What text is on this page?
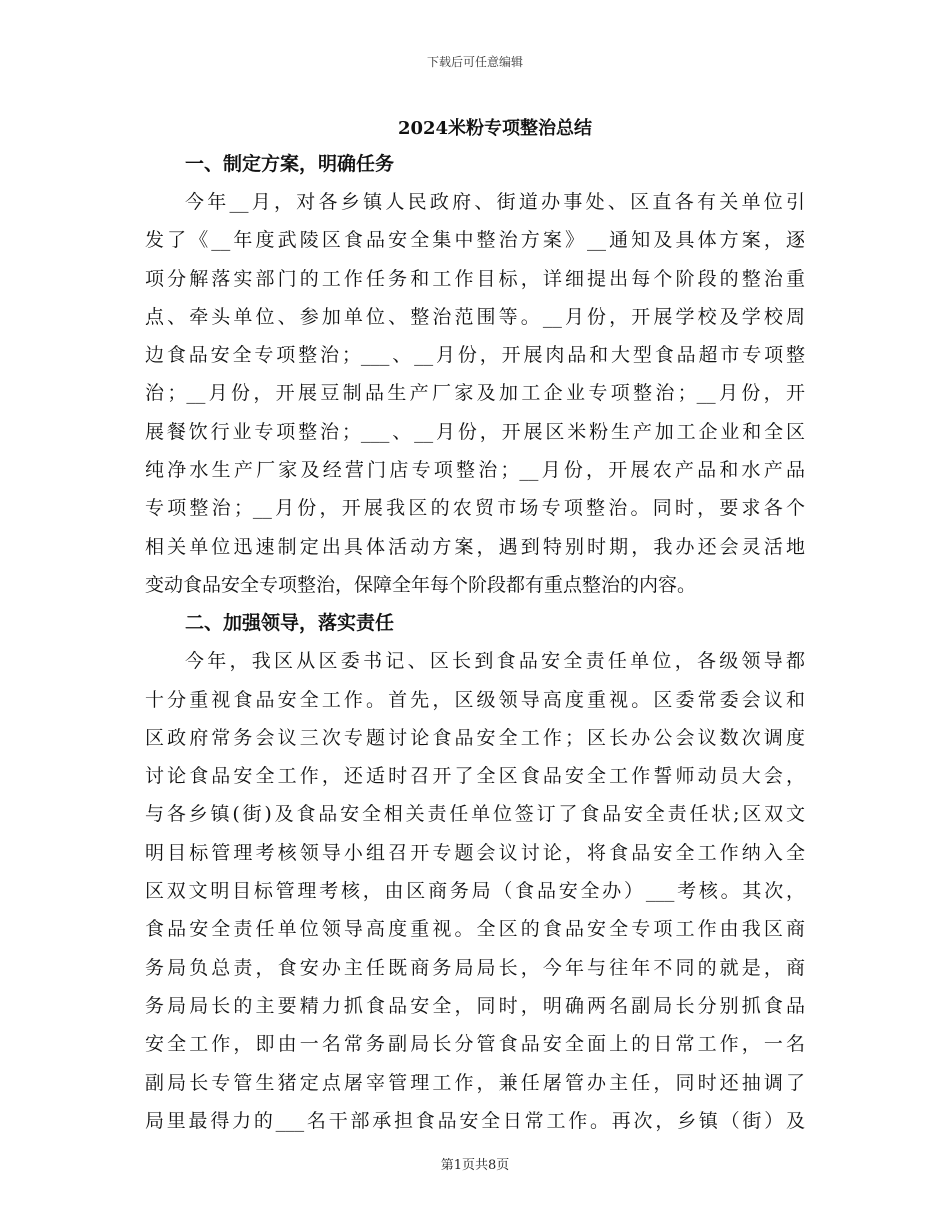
下载后可任意编辑
2024米粉专项整治总结
一、制定方案，明确任务
今年__月，对各乡镇人民政府、街道办事处、区直各有关单位引
发了《__年度武陵区食品安全集中整治方案》__通知及具体方案，逐
项分解落实部门的工作任务和工作目标，详细提出每个阶段的整治重
点、牵头单位、参加单位、整治范围等。__月份，开展学校及学校周
边食品安全专项整治；___、__月份，开展肉品和大型食品超市专项整
治；__月份，开展豆制品生产厂家及加工企业专项整治；__月份，开
展餐饮行业专项整治；___、__月份，开展区米粉生产加工企业和全区
纯净水生产厂家及经营门店专项整治；__月份，开展农产品和水产品
专项整治；__月份，开展我区的农贸市场专项整治。同时，要求各个
相关单位迅速制定出具体活动方案，遇到特别时期，我办还会灵活地
变动食品安全专项整治，保障全年每个阶段都有重点整治的内容。
二、加强领导，落实责任
今年，我区从区委书记、区长到食品安全责任单位，各级领导都
十分重视食品安全工作。首先，区级领导高度重视。区委常委会议和
区政府常务会议三次专题讨论食品安全工作；区长办公会议数次调度
讨论食品安全工作，还适时召开了全区食品安全工作誓师动员大会，
与各乡镇(街)及食品安全相关责任单位签订了食品安全责任状;区双文
明目标管理考核领导小组召开专题会议讨论，将食品安全工作纳入全
区双文明目标管理考核，由区商务局（食品安全办）___考核。其次，
食品安全责任单位领导高度重视。全区的食品安全专项工作由我区商
务局负总责，食安办主任既商务局局长，今年与往年不同的就是，商
务局局长的主要精力抓食品安全，同时，明确两名副局长分别抓食品
安全工作，即由一名常务副局长分管食品安全面上的日常工作，一名
副局长专管生猪定点屠宰管理工作，兼任屠管办主任，同时还抽调了
局里最得力的___名干部承担食品安全日常工作。再次，乡镇（街）及
第1页共8页
